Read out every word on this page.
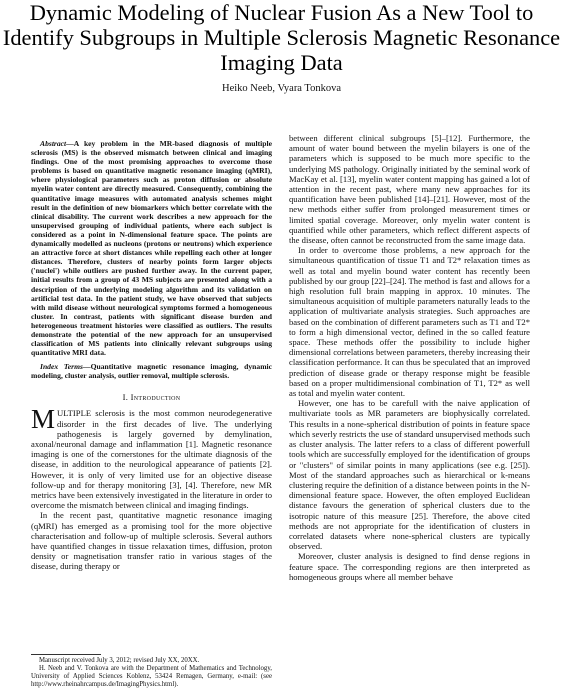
Dynamic Modeling of Nuclear Fusion As a New Tool to Identify Subgroups in Multiple Sclerosis Magnetic Resonance Imaging Data
Heiko Neeb, Vyara Tonkova

Abstract—A key problem in the MR-based diagnosis of multiple sclerosis (MS) is the observed mismatch between clinical and imaging findings. One of the most promising approaches to overcome those problems is based on quantitative magnetic resonance imaging (qMRI), where physiological parameters such as proton diffusion or absolute myelin water content are directly measured. Consequently, combining the quantitative image measures with automated analysis schemes might result in the definition of new biomarkers which better correlate with the clinical disability. The current work describes a new approach for the unsupervised grouping of individual patients, where each subject is considered as a point in N-dimensional feature space. The points are dynamically modelled as nucleons (protons or neutrons) which experience an attractive force at short distances while repelling each other at longer distances. Therefore, clusters of nearby points form larger objects ('nuclei') while outliers are pushed further away. In the current paper, initial results from a group of 43 MS subjects are presented along with a description of the underlying modeling algorithm and its validation on artificial test data. In the patient study, we have observed that subjects with mild disease without neurological symptoms formed a homogeneous cluster. In contrast, patients with significant disease burden and heterogeneous treatment histories were classified as outliers. The results demonstrate the potential of the new approach for an unsupervised classification of MS patients into clinically relevant subgroups using quantitative MRI data.

Index Terms—Quantitative magnetic resonance imaging, dynamic modeling, cluster analysis, outlier removal, multiple sclerosis.

I. Introduction

MULTIPLE sclerosis is the most common neurodegenerative disorder in the first decades of live. The underlying pathogenesis is largely governed by demylination, axonal/neuronal damage and inflammation [1]. Magnetic resonance imaging is one of the cornerstones for the ultimate diagnosis of the disease, in addition to the neurological appearance of patients [2]. However, it is only of very limited use for an objective disease follow-up and for therapy monitoring [3], [4]. Therefore, new MR metrics have been extensively investigated in the literature in order to overcome the mismatch between clinical and imaging findings.

In the recent past, quantitative magnetic resonance imaging (qMRI) has emerged as a promising tool for the more objective characterisation and follow-up of multiple sclerosis. Several authors have quantified changes in tissue relaxation times, diffusion, proton density or magnetisation transfer ratio in various stages of the disease, during therapy or

Manuscript received July 3, 2012; revised July XX, 20XX.

H. Neeb and V. Tonkova are with the Department of Mathematics and Technology, University of Applied Sciences Koblenz, 53424 Remagen, Germany, e-mail: (see http://www.rheinahrcampus.de/ImagingPhysics.html).

between different clinical subgroups [5]–[12]. Furthermore, the amount of water bound between the myelin bilayers is one of the parameters which is supposed to be much more specific to the underlying MS pathology. Originally initiated by the seminal work of MacKay et al. [13], myelin water content mapping has gained a lot of attention in the recent past, where many new approaches for its quantification have been published [14]–[21]. However, most of the new methods either suffer from prolonged measurement times or limited spatial coverage. Moreover, only myelin water content is quantified while other parameters, which reflect different aspects of the disease, often cannot be reconstructed from the same image data.

In order to overcome those problems, a new approach for the simultaneous quantification of tissue T1 and T2* relaxation times as well as total and myelin bound water content has recently been published by our group [22]–[24]. The method is fast and allows for a high resolution full brain mapping in approx. 10 minutes. The simultaneous acquisition of multiple parameters naturally leads to the application of multivariate analysis strategies. Such approaches are based on the combination of different parameters such as T1 and T2* to form a high dimensional vector, defined in the so called feature space. These methods offer the possibility to include higher dimensional correlations between parameters, thereby increasing their classification performance. It can thus be speculated that an improved prediction of disease grade or therapy response might be feasible based on a proper multidimensional combination of T1, T2* as well as total and myelin water content.

However, one has to be carefull with the naive application of multivariate tools as MR parameters are biophysically correlated. This results in a none-spherical distribution of points in feature space which severly restricts the use of standard unsupervised methods such as cluster analysis. The latter refers to a class of different powerfull tools which are successfully employed for the identification of groups or "clusters" of similar points in many applications (see e.g. [25]). Most of the standard approaches such as hierarchical or k-means clustering require the definition of a distance between points in the N-dimensional feature space. However, the often employed Euclidean distance favours the generation of spherical clusters due to the isotropic nature of this measure [25]. Therefore, the above cited methods are not appropriate for the identification of clusters in correlated datasets where none-spherical clusters are typically observed.

Moreover, cluster analysis is designed to find dense regions in feature space. The corresponding regions are then interpreted as homogeneous groups where all member behave
